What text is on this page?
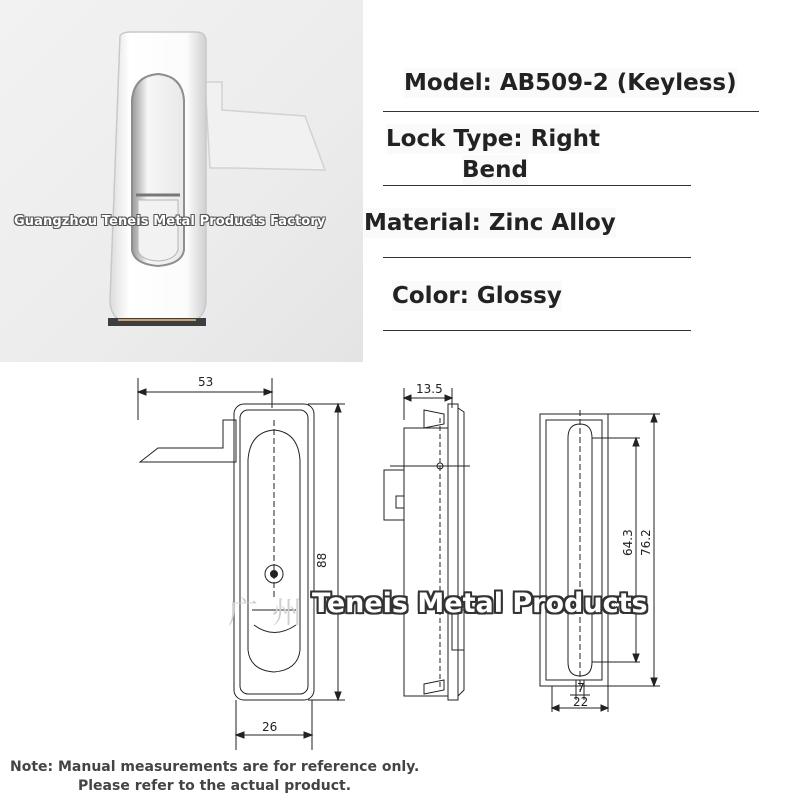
Guangzhou Teneis Metal Products Factory
Model: AB509-2 (Keyless)
Lock Type: Right
Bend
Material: Zinc Alloy
Color: Glossy
53
88
26
13.5
64.3 76.2
7
22
广州
Teneis Metal Products
Note: Manual measurements are for reference only.
Please refer to the actual product.
